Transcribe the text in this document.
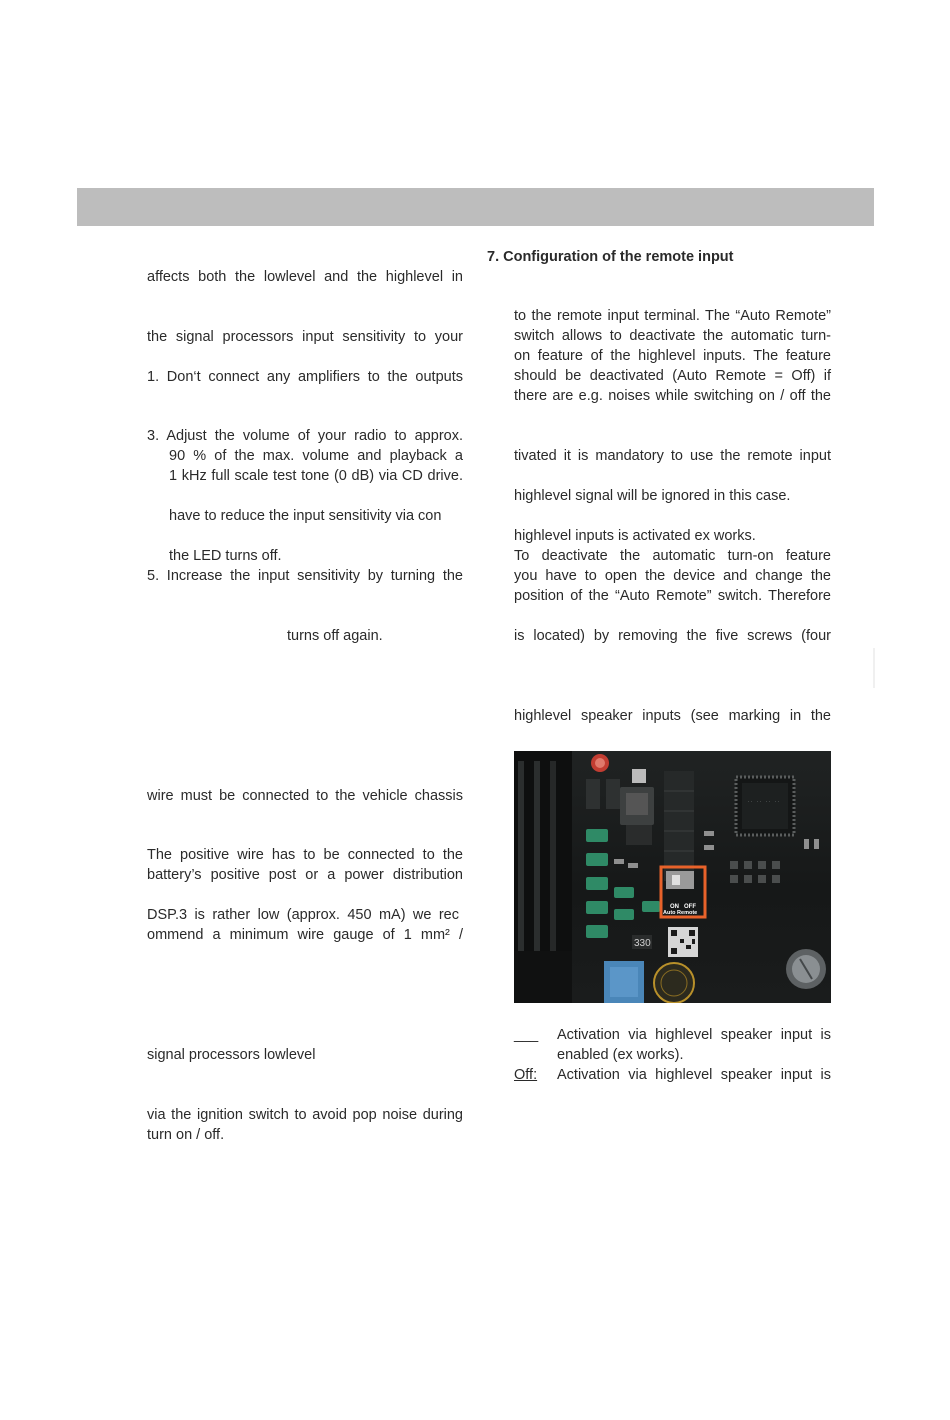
affects both the lowlevel and the highlevel in
the signal processors input sensitivity to your
1. Don‘t connect any amplifiers to the outputs
3. Adjust the volume of your radio to approx.
90 % of the max. volume and playback a
1 kHz full scale test tone (0 dB) via CD drive.
have to reduce the input sensitivity via con
the LED turns off.
5. Increase the input sensitivity by turning the
turns off again.
wire must be connected to the vehicle chassis
The positive wire has to be connected to the
battery’s positive post or a power distribution
DSP.3 is rather low (approx. 450 mA) we rec
ommend a minimum wire gauge of 1 mm² /
signal processors lowlevel
via the ignition switch to avoid pop noise during
turn on / off.
7. Configuration of the remote input
to the remote input terminal. The “Auto Remote”
switch allows to deactivate the automatic turn-
on feature of the highlevel inputs. The feature
should be deactivated (Auto Remote = Off) if
there are e.g. noises while switching on / off the
tivated it is mandatory to use the remote input
highlevel signal will be ignored in this case.
highlevel inputs is activated ex works.
To deactivate the automatic turn-on feature
you have to open the device and change the
position of the “Auto Remote” switch. Therefore
is located) by removing the five screws (four
highlevel speaker inputs (see marking in the
·· ·· ·· ··
330
ON OFF
Auto Remote
___ Activation via highlevel speaker input is
enabled (ex works).
Off: Activation via highlevel speaker input is
